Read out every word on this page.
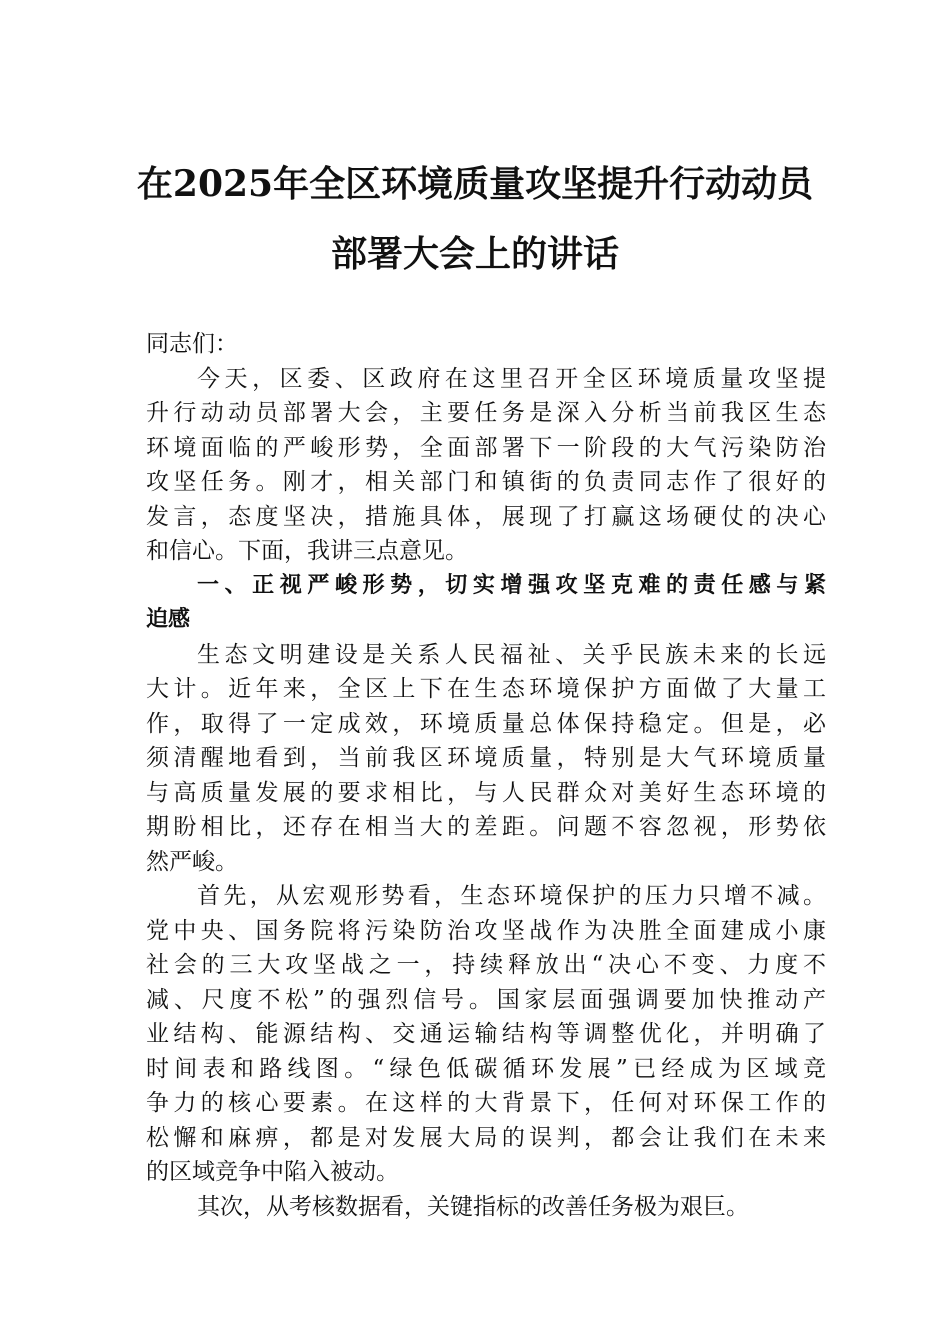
在2025年全区环境质量攻坚提升行动动员
部署大会上的讲话
同志们：
今天，区委、区政府在这里召开全区环境质量攻坚提
升行动动员部署大会，主要任务是深入分析当前我区生态
环境面临的严峻形势，全面部署下一阶段的大气污染防治
攻坚任务。刚才，相关部门和镇街的负责同志作了很好的
发言，态度坚决，措施具体，展现了打赢这场硬仗的决心
和信心。下面，我讲三点意见。
一、正视严峻形势，切实增强攻坚克难的责任感与紧
迫感
生态文明建设是关系人民福祉、关乎民族未来的长远
大计。近年来，全区上下在生态环境保护方面做了大量工
作，取得了一定成效，环境质量总体保持稳定。但是，必
须清醒地看到，当前我区环境质量，特别是大气环境质量
与高质量发展的要求相比，与人民群众对美好生态环境的
期盼相比，还存在相当大的差距。问题不容忽视，形势依
然严峻。
首先，从宏观形势看，生态环境保护的压力只增不减。
党中央、国务院将污染防治攻坚战作为决胜全面建成小康
社会的三大攻坚战之一，持续释放出“决心不变、力度不
减、尺度不松”的强烈信号。国家层面强调要加快推动产
业结构、能源结构、交通运输结构等调整优化，并明确了
时间表和路线图。“绿色低碳循环发展”已经成为区域竞
争力的核心要素。在这样的大背景下，任何对环保工作的
松懈和麻痹，都是对发展大局的误判，都会让我们在未来
的区域竞争中陷入被动。
其次，从考核数据看，关键指标的改善任务极为艰巨。
